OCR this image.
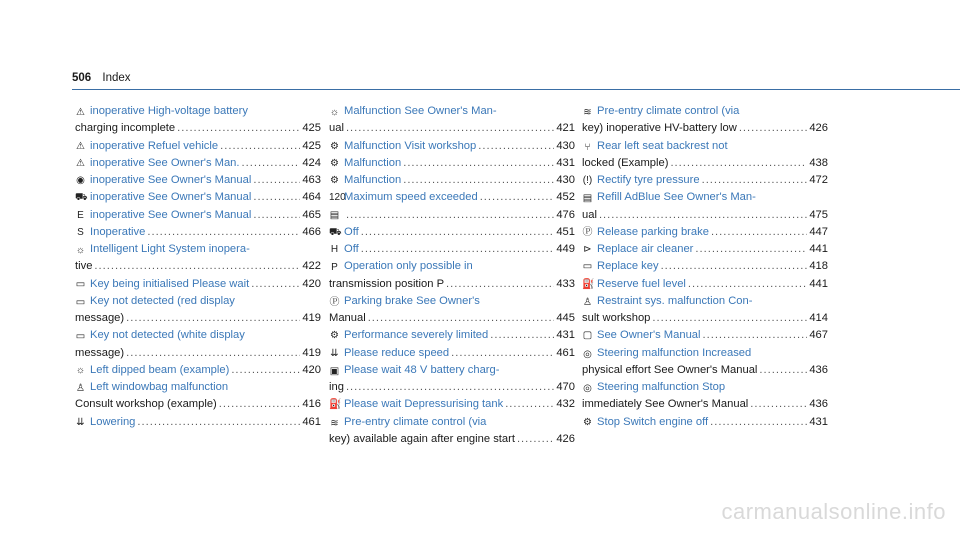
506 Index
⚠ inoperative High-voltage battery
charging incomplete .....	425
⚠ inoperative Refuel vehicle .....	425
⚠ inoperative See Owner's Man. .....	424
◉ inoperative See Owner's Manual .....	463
⛟ inoperative See Owner's Manual .....	464
E inoperative See Owner's Manual .....	465
S Inoperative .....	466
☼ Intelligent Light System inopera-
tive .....	422
▭ Key being initialised Please wait .....	420
▭ Key not detected (red display
message) .....	419
▭ Key not detected (white display
message) .....	419
☼ Left dipped beam (example) .....	420
♙ Left windowbag malfunction
Consult workshop (example) .....	416
⇊ Lowering .....	461
☼ Malfunction See Owner's Man-
ual .....	421
⚙ Malfunction Visit workshop .....	430
⚙ Malfunction .....	431
⚙ Malfunction .....	430
120
Maximum speed exceeded .....	452
▤ .....	476
⛟ Off .....	451
H Off .....	449
P Operation only possible in
transmission position P .....	433
Ⓟ Parking brake See Owner's
Manual .....	445
⚙ Performance severely limited .....	431
⇊ Please reduce speed .....	461
▣ Please wait 48 V battery charg-
ing .....	470
⛽ Please wait Depressurising tank .....	432
≋ Pre-entry climate control (via
key) available again after engine start .....	426
≋ Pre-entry climate control (via
key) inoperative HV-battery low .....	426
⑂ Rear left seat backrest not
locked (Example) .....	438
(!) Rectify tyre pressure .....	472
▤ Refill AdBlue See Owner's Man-
ual .....	475
Ⓟ Release parking brake .....	447
⊳ Replace air cleaner .....	441
▭ Replace key .....	418
⛽ Reserve fuel level .....	441
♙ Restraint sys. malfunction Con-
sult workshop .....	414
▢ See Owner's Manual .....	467
◎ Steering malfunction Increased
physical effort See Owner's Manual .....	436
◎ Steering malfunction Stop
immediately See Owner's Manual .....	436
⚙ Stop Switch engine off .....	431
carmanualsonline.info
